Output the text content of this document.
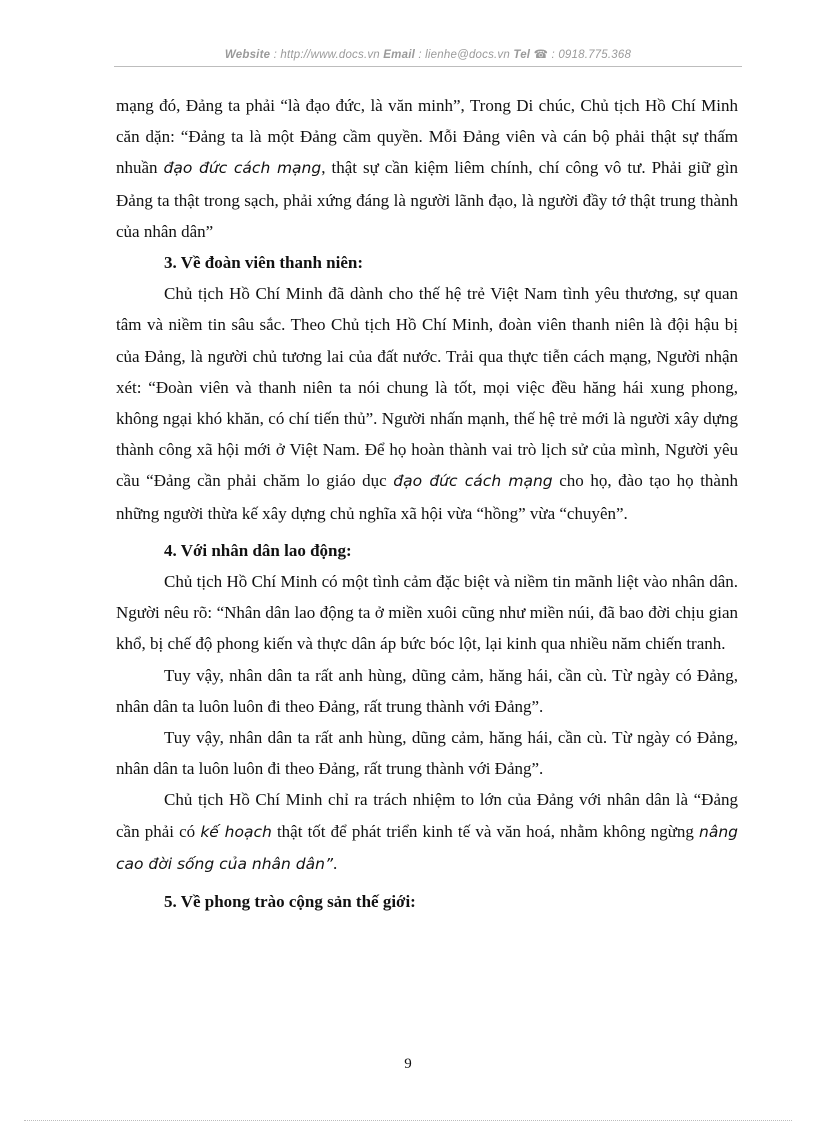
Website : http://www.docs.vn Email : lienhe@docs.vn Tel ☎ : 0918.775.368

mạng đó, Đảng ta phải “là đạo đức, là văn minh”, Trong Di chúc, Chủ tịch Hồ Chí Minh căn dặn: “Đảng ta là một Đảng cầm quyền. Mỗi Đảng viên và cán bộ phải thật sự thấm nhuần đạo đức cách mạng, thật sự cần kiệm liêm chính, chí công vô tư. Phải giữ gìn Đảng ta thật trong sạch, phải xứng đáng là người lãnh đạo, là người đầy tớ thật trung thành của nhân dân”

3. Về đoàn viên thanh niên:

Chủ tịch Hồ Chí Minh đã dành cho thế hệ trẻ Việt Nam tình yêu thương, sự quan tâm và niềm tin sâu sắc. Theo Chủ tịch Hồ Chí Minh, đoàn viên thanh niên là đội hậu bị của Đảng, là người chủ tương lai của đất nước. Trải qua thực tiễn cách mạng, Người nhận xét: “Đoàn viên và thanh niên ta nói chung là tốt, mọi việc đều hăng hái xung phong, không ngại khó khăn, có chí tiến thủ”. Người nhấn mạnh, thế hệ trẻ mới là người xây dựng thành công xã hội mới ở Việt Nam. Để họ hoàn thành vai trò lịch sử của mình, Người yêu cầu “Đảng cần phải chăm lo giáo dục đạo đức cách mạng cho họ, đào tạo họ thành những người thừa kế xây dựng chủ nghĩa xã hội vừa “hồng” vừa “chuyên”.

4. Với nhân dân lao động:

Chủ tịch Hồ Chí Minh có một tình cảm đặc biệt và niềm tin mãnh liệt vào nhân dân. Người nêu rõ: “Nhân dân lao động ta ở miền xuôi cũng như miền núi, đã bao đời chịu gian khổ, bị chế độ phong kiến và thực dân áp bức bóc lột, lại kinh qua nhiều năm chiến tranh.

Tuy vậy, nhân dân ta rất anh hùng, dũng cảm, hăng hái, cần cù. Từ ngày có Đảng, nhân dân ta luôn luôn đi theo Đảng, rất trung thành với Đảng”.

Tuy vậy, nhân dân ta rất anh hùng, dũng cảm, hăng hái, cần cù. Từ ngày có Đảng, nhân dân ta luôn luôn đi theo Đảng, rất trung thành với Đảng”.

Chủ tịch Hồ Chí Minh chỉ ra trách nhiệm to lớn của Đảng với nhân dân là “Đảng cần phải có kế hoạch thật tốt để phát triển kinh tế và văn hoá, nhằm không ngừng nâng cao đời sống của nhân dân”.

5. Về phong trào cộng sản thế giới:

9
